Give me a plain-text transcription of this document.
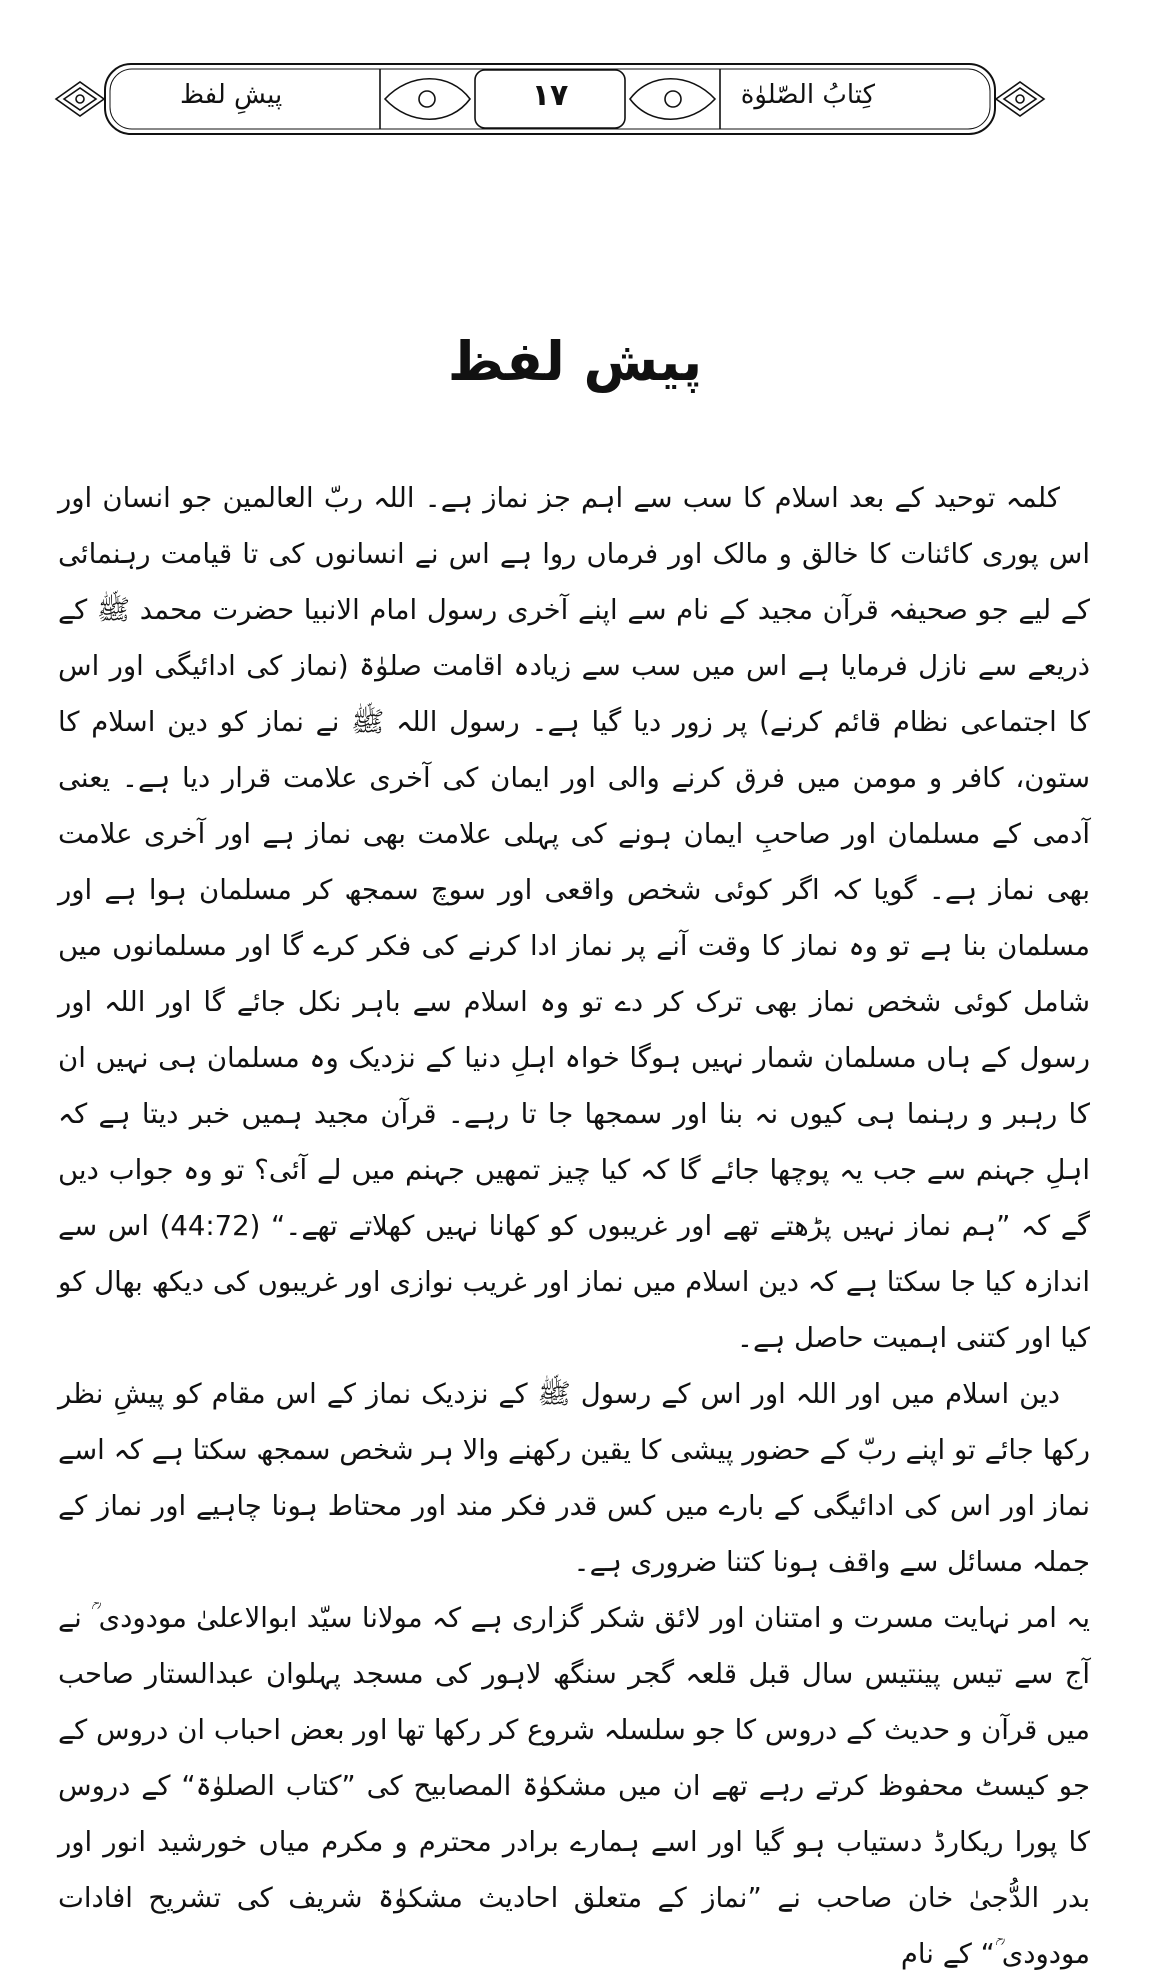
پیشِ لفظ	١٧	كِتابُ الصّلوٰة
پیش لفظ

کلمہ توحید کے بعد اسلام کا سب سے اہم جز نماز ہے۔ اللہ ربّ العالمین جو انسان اور اس پوری کائنات کا خالق و مالک اور فرماں روا ہے اس نے انسانوں کی تا قیامت رہنمائی کے لیے جو صحیفہ قرآن مجید کے نام سے اپنے آخری رسول امام الانبیا حضرت محمد ﷺ کے ذریعے سے نازل فرمایا ہے اس میں سب سے زیادہ اقامت صلوٰۃ (نماز کی ادائیگی اور اس کا اجتماعی نظام قائم کرنے) پر زور دیا گیا ہے۔ رسول اللہ ﷺ نے نماز کو دین اسلام کا ستون، کافر و مومن میں فرق کرنے والی اور ایمان کی آخری علامت قرار دیا ہے۔ یعنی آدمی کے مسلمان اور صاحبِ ایمان ہونے کی پہلی علامت بھی نماز ہے اور آخری علامت بھی نماز ہے۔ گویا کہ اگر کوئی شخص واقعی اور سوچ سمجھ کر مسلمان ہوا ہے اور مسلمان بنا ہے تو وہ نماز کا وقت آنے پر نماز ادا کرنے کی فکر کرے گا اور مسلمانوں میں شامل کوئی شخص نماز بھی ترک کر دے تو وہ اسلام سے باہر نکل جائے گا اور اللہ اور رسول کے ہاں مسلمان شمار نہیں ہوگا خواہ اہلِ دنیا کے نزدیک وہ مسلمان ہی نہیں ان کا رہبر و رہنما ہی کیوں نہ بنا اور سمجھا جا تا رہے۔ قرآن مجید ہمیں خبر دیتا ہے کہ اہلِ جہنم سے جب یہ پوچھا جائے گا کہ کیا چیز تمھیں جہنم میں لے آئی؟ تو وہ جواب دیں گے کہ ”ہم نماز نہیں پڑھتے تھے اور غریبوں کو کھانا نہیں کھلاتے تھے۔“ (44:72) اس سے اندازہ کیا جا سکتا ہے کہ دین اسلام میں نماز اور غریب نوازی اور غریبوں کی دیکھ بھال کو کیا اور کتنی اہمیت حاصل ہے۔

دین اسلام میں اور اللہ اور اس کے رسول ﷺ کے نزدیک نماز کے اس مقام کو پیشِ نظر رکھا جائے تو اپنے ربّ کے حضور پیشی کا یقین رکھنے والا ہر شخص سمجھ سکتا ہے کہ اسے نماز اور اس کی ادائیگی کے بارے میں کس قدر فکر مند اور محتاط ہونا چاہیے اور نماز کے جملہ مسائل سے واقف ہونا کتنا ضروری ہے۔

یہ امر نہایت مسرت و امتنان اور لائق شکر گزاری ہے کہ مولانا سیّد ابوالاعلیٰ مودودی ؒ نے آج سے تیس پینتیس سال قبل قلعہ گجر سنگھ لاہور کی مسجد پہلوان عبدالستار صاحب میں قرآن و حدیث کے دروس کا جو سلسلہ شروع کر رکھا تھا اور بعض احباب ان دروس کے جو کیسٹ محفوظ کرتے رہے تھے ان میں مشکوٰۃ المصابیح کی ”کتاب الصلوٰۃ“ کے دروس کا پورا ریکارڈ دستیاب ہو گیا اور اسے ہمارے برادر محترم و مکرم میاں خورشید انور اور بدر الدُّجیٰ خان صاحب نے ”نماز کے متعلق احادیث مشکوٰۃ شریف کی تشریح افادات مودودی ؒ“ کے نام
